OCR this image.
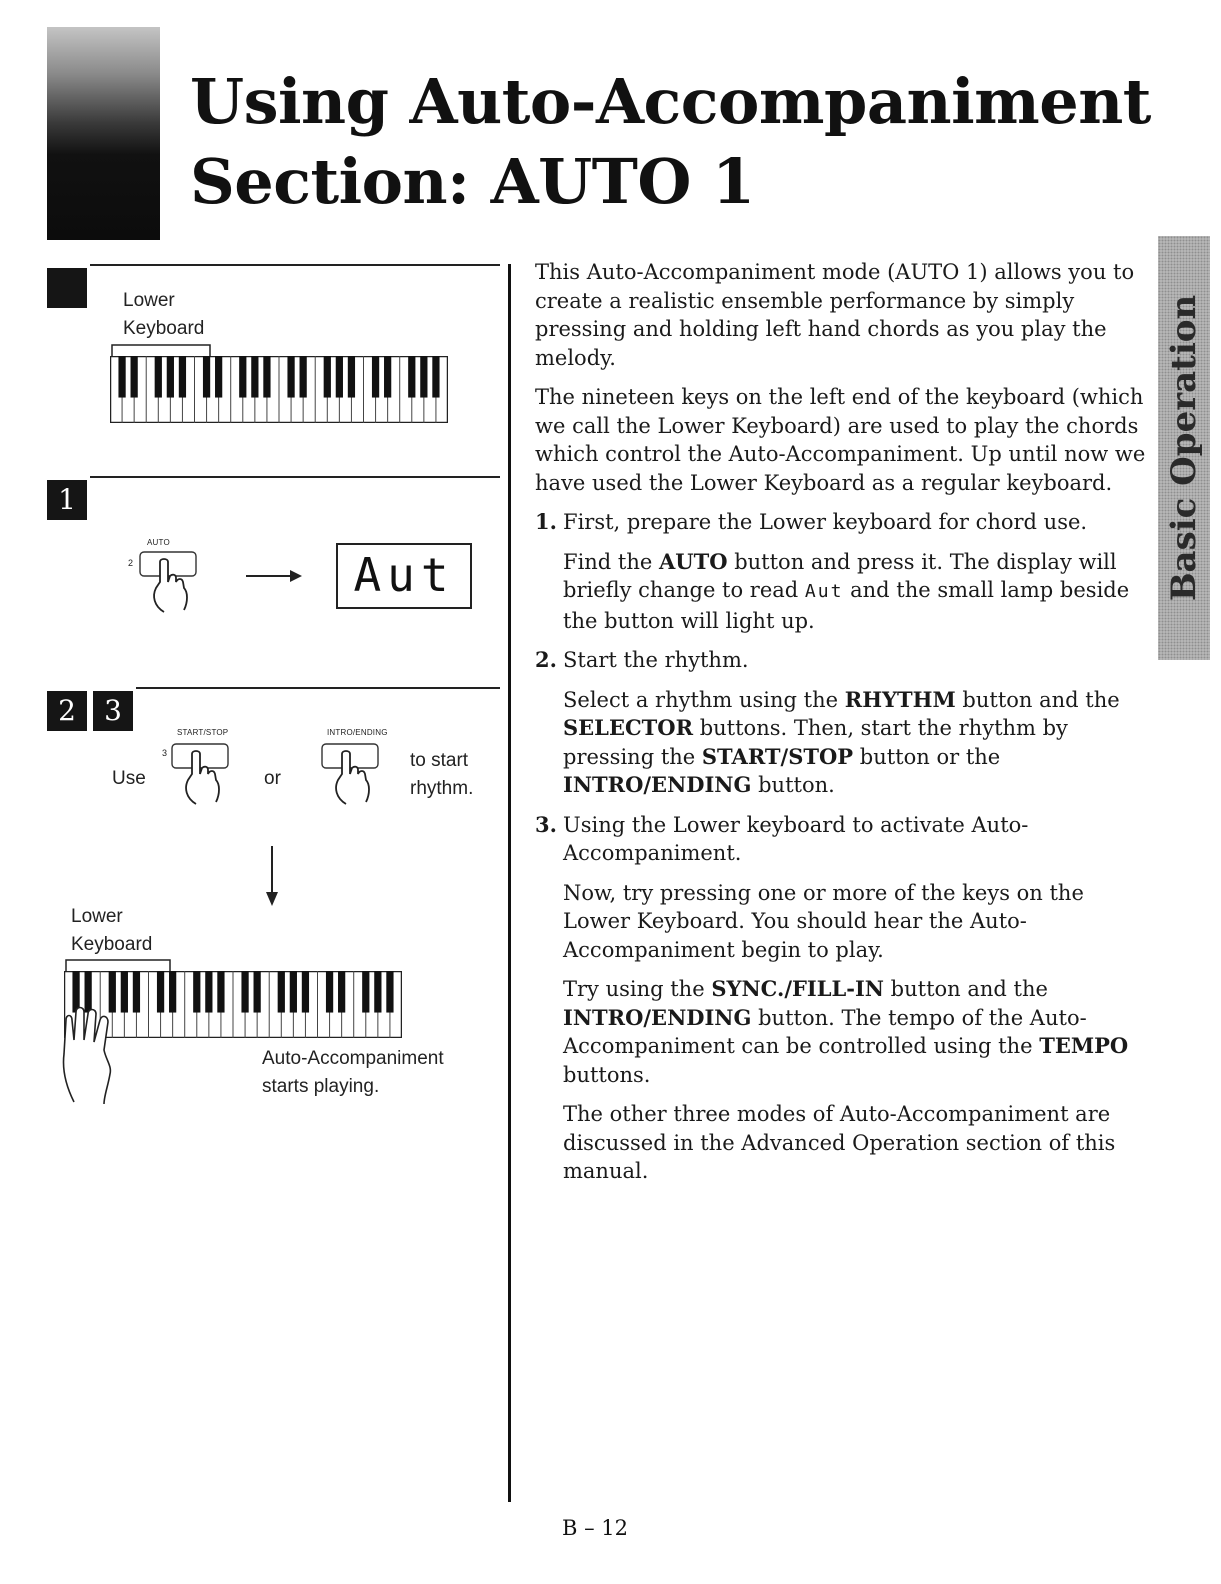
Using Auto-Accompaniment
Section: AUTO 1
Basic Operation
Lower
Keyboard
1
AUTO
2	Aut
2	3
START/STOP	INTRO/ENDING
3
Use	or
to start
rhythm.
Lower
Keyboard
Auto-Accompaniment
starts playing.

This Auto-Accompaniment mode (AUTO 1) allows you to create a realistic ensemble performance by simply pressing and holding left hand chords as you play the melody.

The nineteen keys on the left end of the keyboard (which we call the Lower Keyboard) are used to play the chords which control the Auto-Accompaniment. Up until now we have used the Lower Keyboard as a regular keyboard.

1. First, prepare the Lower keyboard for chord use.

Find the AUTO button and press it. The display will briefly change to read Aut and the small lamp beside the button will light up.

2. Start the rhythm.

Select a rhythm using the RHYTHM button and the SELECTOR buttons. Then, start the rhythm by pressing the START/STOP button or the INTRO/ENDING button.

3. Using the Lower keyboard to activate Auto-Accompaniment.

Now, try pressing one or more of the keys on the Lower Keyboard. You should hear the Auto-Accompaniment begin to play.

Try using the SYNC./FILL-IN button and the INTRO/ENDING button. The tempo of the Auto-Accompaniment can be controlled using the TEMPO buttons.

The other three modes of Auto-Accompaniment are discussed in the Advanced Operation section of this manual.

B – 12
